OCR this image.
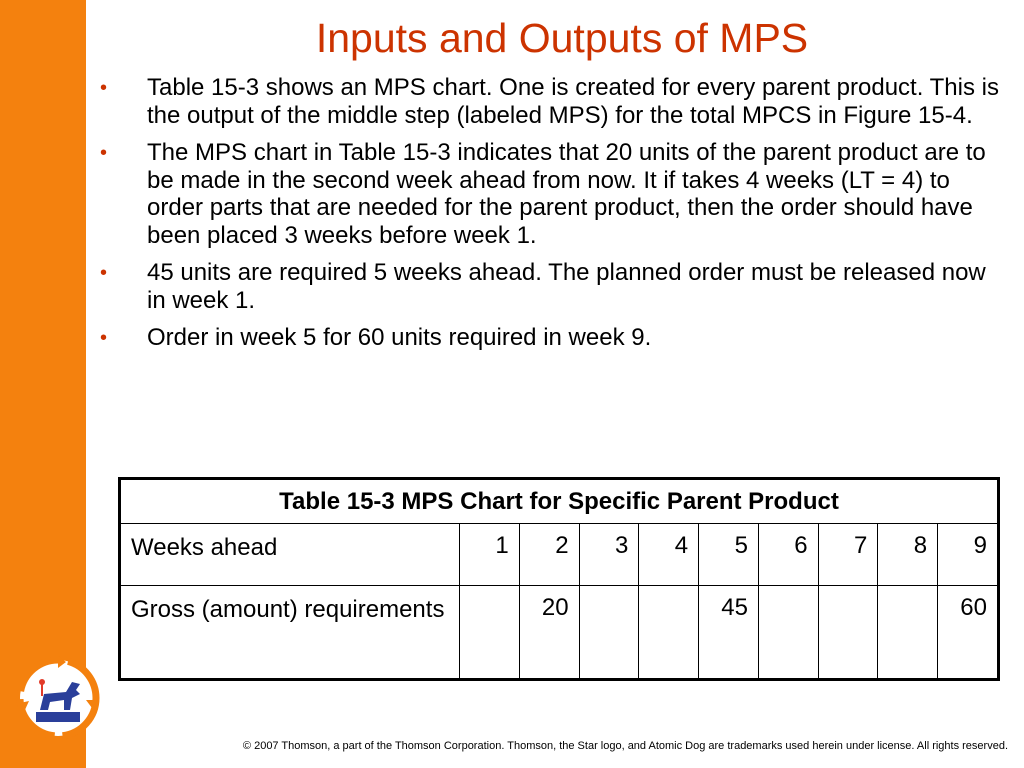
Inputs and Outputs of MPS
• Table 15-3 shows an MPS chart. One is created for every parent product. This is the output of the middle step (labeled MPS) for the total MPCS in Figure 15-4.
• The MPS chart in Table 15-3 indicates that 20 units of the parent product are to be made in the second week ahead from now. It if takes 4 weeks (LT = 4) to order parts that are needed for the parent product, then the order should have been placed 3 weeks before week 1.
• 45 units are required 5 weeks ahead. The planned order must be released now in week 1.
• Order in week 5 for 60 units required in week 9.
Table 15-3 MPS Chart for Specific Parent Product									
Weeks ahead	1	2	3	4	5	6	7	8	9
Gross (amount) requirements		20			45				60
© 2007 Thomson, a part of the Thomson Corporation. Thomson, the Star logo, and Atomic Dog are trademarks used herein under license. All rights reserved.
